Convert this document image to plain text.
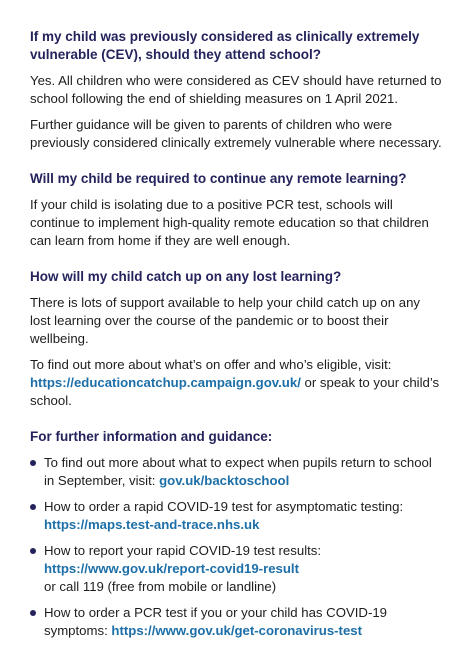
If my child was previously considered as clinically extremely vulnerable (CEV), should they attend school?
Yes. All children who were considered as CEV should have returned to school following the end of shielding measures on 1 April 2021.
Further guidance will be given to parents of children who were previously considered clinically extremely vulnerable where necessary.
Will my child be required to continue any remote learning?
If your child is isolating due to a positive PCR test, schools will continue to implement high-quality remote education so that children can learn from home if they are well enough.
How will my child catch up on any lost learning?
There is lots of support available to help your child catch up on any lost learning over the course of the pandemic or to boost their wellbeing.
To find out more about what’s on offer and who’s eligible, visit: https://educationcatchup.campaign.gov.uk/ or speak to your child’s school.
For further information and guidance:
To find out more about what to expect when pupils return to school in September, visit: gov.uk/backtoschool
How to order a rapid COVID-19 test for asymptomatic testing:
https://maps.test-and-trace.nhs.uk
How to report your rapid COVID-19 test results:
https://www.gov.uk/report-covid19-result
or call 119 (free from mobile or landline)
How to order a PCR test if you or your child has COVID-19 symptoms: https://www.gov.uk/get-coronavirus-test
